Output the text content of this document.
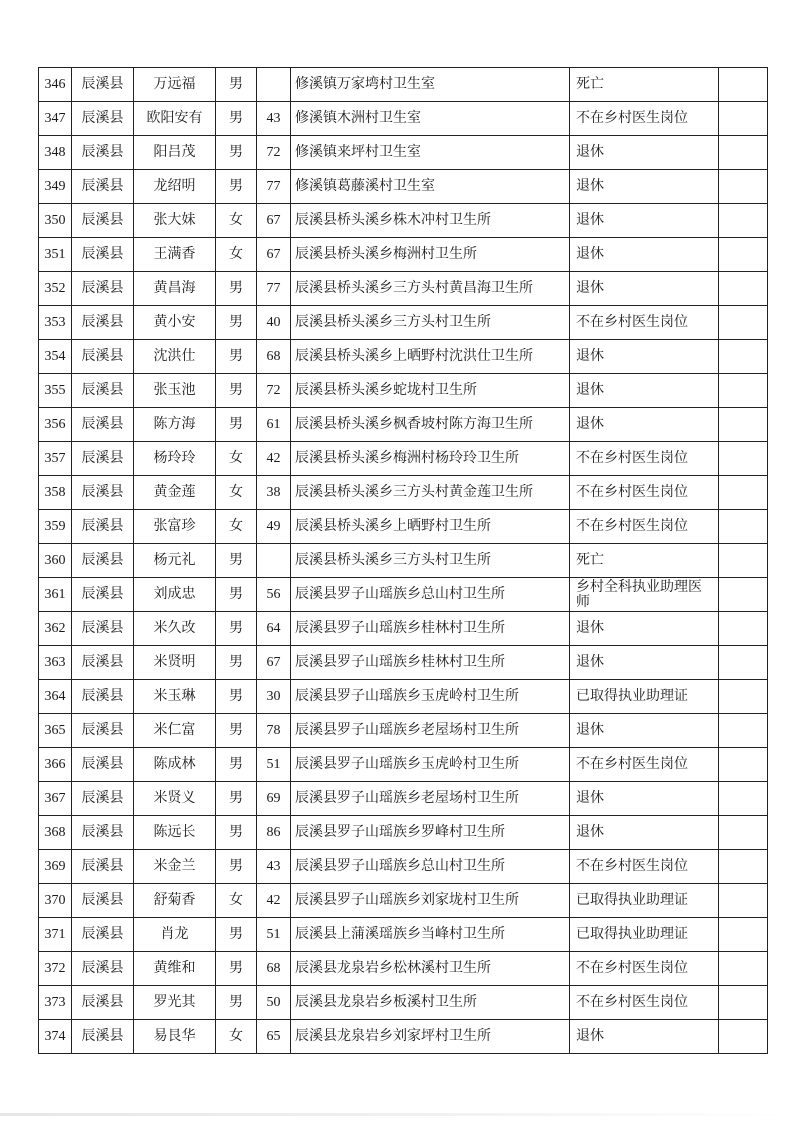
346	辰溪县	万远福	男		修溪镇万家塆村卫生室	死亡	
347	辰溪县	欧阳安有	男	43	修溪镇木洲村卫生室	不在乡村医生岗位	
348	辰溪县	阳吕茂	男	72	修溪镇来坪村卫生室	退休	
349	辰溪县	龙绍明	男	77	修溪镇葛藤溪村卫生室	退休	
350	辰溪县	张大妹	女	67	辰溪县桥头溪乡株木冲村卫生所	退休	
351	辰溪县	王满香	女	67	辰溪县桥头溪乡梅洲村卫生所	退休	
352	辰溪县	黄昌海	男	77	辰溪县桥头溪乡三方头村黄昌海卫生所	退休	
353	辰溪县	黄小安	男	40	辰溪县桥头溪乡三方头村卫生所	不在乡村医生岗位	
354	辰溪县	沈洪仕	男	68	辰溪县桥头溪乡上晒野村沈洪仕卫生所	退休	
355	辰溪县	张玉池	男	72	辰溪县桥头溪乡蛇垅村卫生所	退休	
356	辰溪县	陈方海	男	61	辰溪县桥头溪乡枫香坡村陈方海卫生所	退休	
357	辰溪县	杨玲玲	女	42	辰溪县桥头溪乡梅洲村杨玲玲卫生所	不在乡村医生岗位	
358	辰溪县	黄金莲	女	38	辰溪县桥头溪乡三方头村黄金莲卫生所	不在乡村医生岗位	
359	辰溪县	张富珍	女	49	辰溪县桥头溪乡上晒野村卫生所	不在乡村医生岗位	
360	辰溪县	杨元礼	男		辰溪县桥头溪乡三方头村卫生所	死亡	
361	辰溪县	刘成忠	男	56	辰溪县罗子山瑶族乡总山村卫生所	乡村全科执业助理医师	
362	辰溪县	米久改	男	64	辰溪县罗子山瑶族乡桂林村卫生所	退休	
363	辰溪县	米贤明	男	67	辰溪县罗子山瑶族乡桂林村卫生所	退休	
364	辰溪县	米玉琳	男	30	辰溪县罗子山瑶族乡玉虎岭村卫生所	已取得执业助理证	
365	辰溪县	米仁富	男	78	辰溪县罗子山瑶族乡老屋场村卫生所	退休	
366	辰溪县	陈成林	男	51	辰溪县罗子山瑶族乡玉虎岭村卫生所	不在乡村医生岗位	
367	辰溪县	米贤义	男	69	辰溪县罗子山瑶族乡老屋场村卫生所	退休	
368	辰溪县	陈远长	男	86	辰溪县罗子山瑶族乡罗峰村卫生所	退休	
369	辰溪县	米金兰	男	43	辰溪县罗子山瑶族乡总山村卫生所	不在乡村医生岗位	
370	辰溪县	舒菊香	女	42	辰溪县罗子山瑶族乡刘家垅村卫生所	已取得执业助理证	
371	辰溪县	肖龙	男	51	辰溪县上蒲溪瑶族乡当峰村卫生所	已取得执业助理证	
372	辰溪县	黄维和	男	68	辰溪县龙泉岩乡松林溪村卫生所	不在乡村医生岗位	
373	辰溪县	罗光其	男	50	辰溪县龙泉岩乡板溪村卫生所	不在乡村医生岗位	
374	辰溪县	易艮华	女	65	辰溪县龙泉岩乡刘家坪村卫生所	退休	
